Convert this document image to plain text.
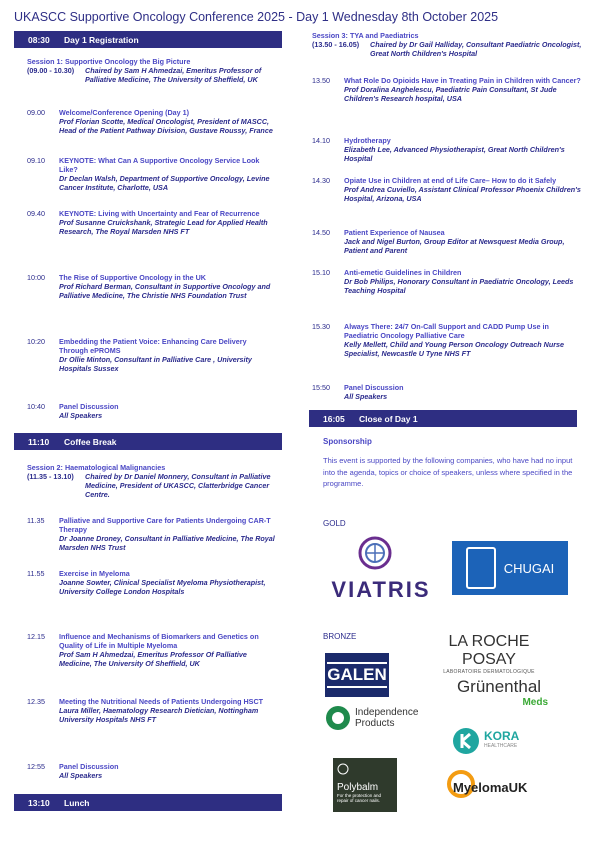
UKASCC Supportive Oncology Conference 2025 - Day 1 Wednesday 8th October 2025
08:30	Day 1 Registration
Session 1: Supportive Oncology the Big Picture
(09.00 - 10.30)	Chaired by Sam H Ahmedzai, Emeritus Professor of Palliative Medicine, The University of Sheffield, UK
09.00	Welcome/Conference Opening (Day 1)
Prof Florian Scotte, Medical Oncologist, President of MASCC, Head of the Patient Pathway Division, Gustave Roussy, France
09.10	KEYNOTE: What Can A Supportive Oncology Service Look Like?
Dr Declan Walsh, Department of Supportive Oncology, Levine Cancer Institute, Charlotte, USA
09.40	KEYNOTE: Living with Uncertainty and Fear of Recurrence
Prof Susanne Cruickshank, Strategic Lead for Applied Health Research, The Royal Marsden NHS FT
10:00	The Rise of Supportive Oncology in the UK
Prof Richard Berman, Consultant in Supportive Oncology and Palliative Medicine, The Christie NHS Foundation Trust
10:20	Embedding the Patient Voice: Enhancing Care Delivery Through ePROMS
Dr Ollie Minton, Consultant in Palliative Care , University Hospitals Sussex
10:40	Panel Discussion
All Speakers
11:10	Coffee Break
Session 2: Haematological Malignancies
(11.35 - 13.10)	Chaired by Dr Daniel Monnery, Consultant in Palliative Medicine, President of UKASCC, Clatterbridge Cancer Centre.
11.35	Palliative and Supportive Care for Patients Undergoing CAR-T Therapy
Dr Joanne Droney, Consultant in Palliative Medicine, The Royal Marsden NHS Trust
11.55	Exercise in Myeloma
Joanne Sowter, Clinical Specialist Myeloma Physiotherapist, University College London Hospitals
12.15	Influence and Mechanisms of Biomarkers and Genetics on Quality of Life in Multiple Myeloma
Prof Sam H Ahmedzai, Emeritus Professor Of Palliative Medicine, The University Of Sheffield, UK
12.35	Meeting the Nutritional Needs of Patients Undergoing HSCT
Laura Miller, Haematology Research Dietician, Nottingham University Hospitals NHS FT
12:55	Panel Discussion
All Speakers
13:10	Lunch
Session 3: TYA and Paediatrics
(13.50 - 16.05)	Chaired by Dr Gail Halliday, Consultant Paediatric Oncologist, Great North Children's Hospital
13.50	What Role Do Opioids Have in Treating Pain in Children with Cancer?
Prof Doralina Anghelescu, Paediatric Pain Consultant, St Jude Children's Research hospital, USA
14.10	Hydrotherapy
Elizabeth Lee, Advanced Physiotherapist, Great North Children's Hospital
14.30	Opiate Use in Children at end of Life Care– How to do it Safely
Prof Andrea Cuviello, Assistant Clinical Professor Phoenix Children's Hospital, Arizona, USA
14.50	Patient Experience of Nausea
Jack and Nigel Burton, Group Editor at Newsquest Media Group, Patient and Parent
15.10	Anti-emetic Guidelines in Children
Dr Bob Philips, Honorary Consultant in Paediatric Oncology, Leeds Teaching Hospital
15.30	Always There: 24/7 On-Call Support and CADD Pump Use in Paediatric Oncology Palliative Care
Kelly Mellett, Child and Young Person Oncology Outreach Nurse Specialist, Newcastle U Tyne NHS FT
15:50	Panel Discussion
All Speakers
16:05	Close of Day 1
Sponsorship
This event is supported by the following companies, who have had no input into the agenda, topics or choice of speakers, unless where specified in the programme.
GOLD
BRONZE
VIATRIS
CHUGAI
GALEN
LA ROCHE POSAY
LABORATOIRE DERMATOLOGIQUE
Grünenthal
Meds
Independence
Products
KORA
HEALTHCARE
Polybalm
For the protection and repair of cancer nails.
MyelomaUK
